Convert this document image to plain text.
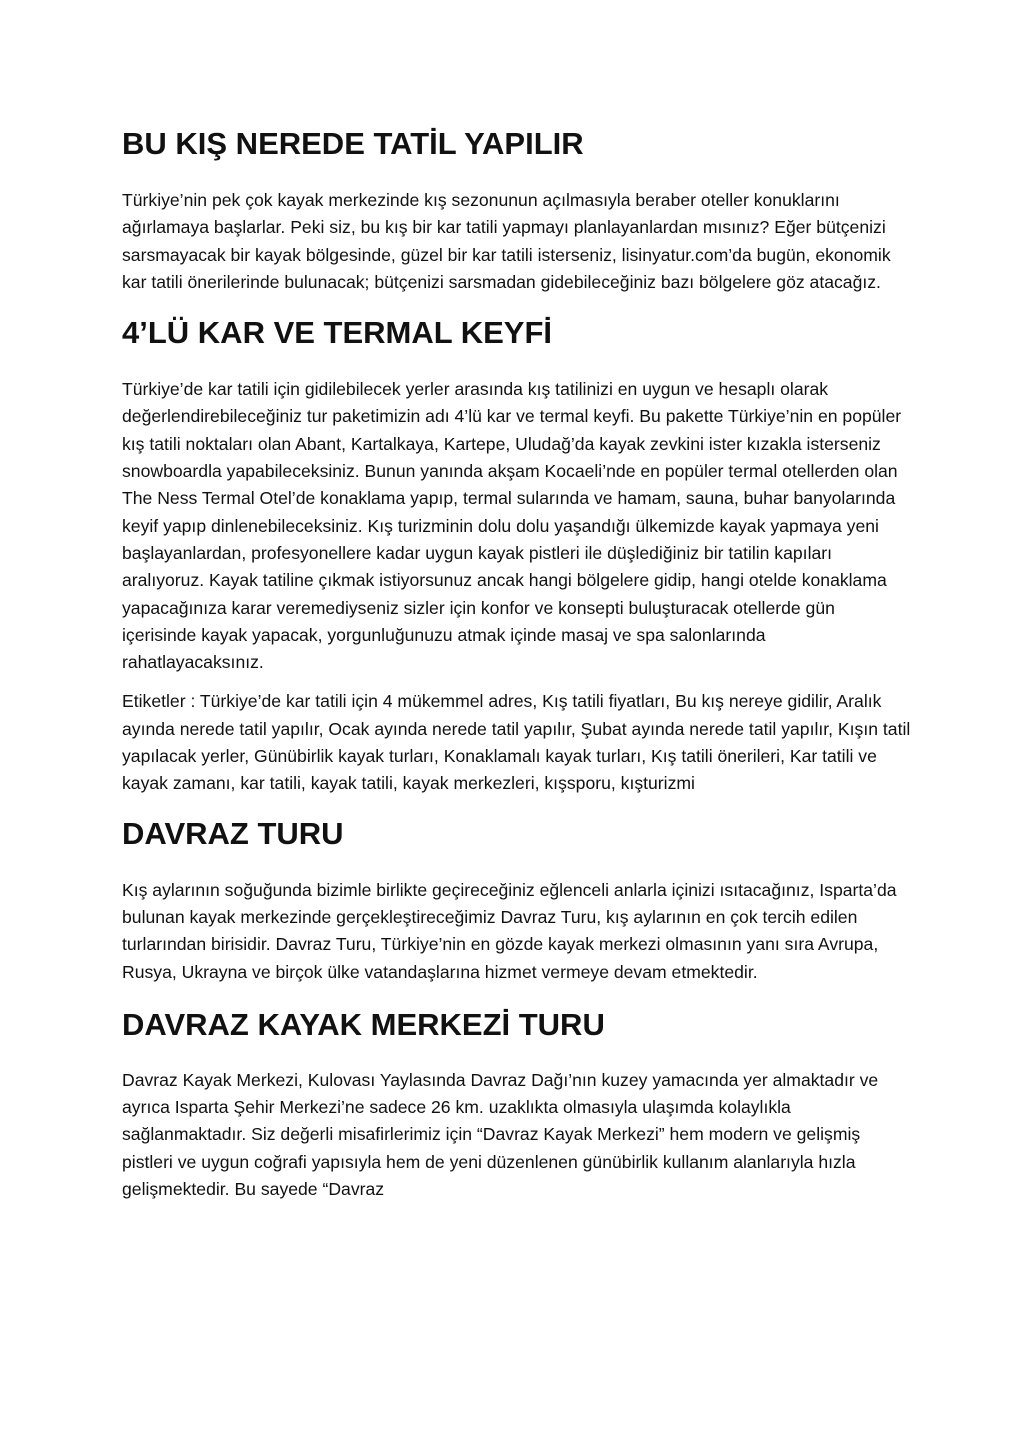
BU KIŞ NEREDE TATİL YAPILIR

Türkiye’nin pek çok kayak merkezinde kış sezonunun açılmasıyla beraber oteller konuklarını ağırlamaya başlarlar. Peki siz, bu kış bir kar tatili yapmayı planlayanlardan mısınız? Eğer bütçenizi sarsmayacak bir kayak bölgesinde, güzel bir kar tatili isterseniz, lisinyatur.com’da bugün, ekonomik kar tatili önerilerinde bulunacak; bütçenizi sarsmadan gidebileceğiniz bazı bölgelere göz atacağız.

4’LÜ KAR VE TERMAL KEYFİ

Türkiye’de kar tatili için gidilebilecek yerler arasında kış tatilinizi en uygun ve hesaplı olarak değerlendirebileceğiniz tur paketimizin adı 4’lü kar ve termal keyfi. Bu pakette Türkiye’nin en popüler kış tatili noktaları olan Abant, Kartalkaya, Kartepe, Uludağ’da kayak zevkini ister kızakla isterseniz snowboardla yapabileceksiniz. Bunun yanında akşam Kocaeli’nde en popüler termal otellerden olan The Ness Termal Otel’de konaklama yapıp, termal sularında ve hamam, sauna, buhar banyolarında keyif yapıp dinlenebileceksiniz. Kış turizminin dolu dolu yaşandığı ülkemizde kayak yapmaya yeni başlayanlardan, profesyonellere kadar uygun kayak pistleri ile düşlediğiniz bir tatilin kapıları aralıyoruz. Kayak tatiline çıkmak istiyorsunuz ancak hangi bölgelere gidip, hangi otelde konaklama yapacağınıza karar veremediyseniz sizler için konfor ve konsepti buluşturacak otellerde gün içerisinde kayak yapacak, yorgunluğunuzu atmak içinde masaj ve spa salonlarında rahatlayacaksınız.

Etiketler : Türkiye’de kar tatili için 4 mükemmel adres, Kış tatili fiyatları, Bu kış nereye gidilir, Aralık ayında nerede tatil yapılır, Ocak ayında nerede tatil yapılır, Şubat ayında nerede tatil yapılır, Kışın tatil yapılacak yerler, Günübirlik kayak turları, Konaklamalı kayak turları, Kış tatili önerileri, Kar tatili ve kayak zamanı, kar tatili, kayak tatili, kayak merkezleri, kışsporu, kışturizmi

DAVRAZ TURU

Kış aylarının soğuğunda bizimle birlikte geçireceğiniz eğlenceli anlarla içinizi ısıtacağınız, Isparta’da bulunan kayak merkezinde gerçekleştireceğimiz Davraz Turu, kış aylarının en çok tercih edilen turlarından birisidir. Davraz Turu, Türkiye’nin en gözde kayak merkezi olmasının yanı sıra Avrupa, Rusya, Ukrayna ve birçok ülke vatandaşlarına hizmet vermeye devam etmektedir.

DAVRAZ KAYAK MERKEZİ TURU

Davraz Kayak Merkezi, Kulovası Yaylasında Davraz Dağı’nın kuzey yamacında yer almaktadır ve ayrıca Isparta Şehir Merkezi’ne sadece 26 km. uzaklıkta olmasıyla ulaşımda kolaylıkla sağlanmaktadır. Siz değerli misafirlerimiz için “Davraz Kayak Merkezi” hem modern ve gelişmiş pistleri ve uygun coğrafi yapısıyla hem de yeni düzenlenen günübirlik kullanım alanlarıyla hızla gelişmektedir. Bu sayede “Davraz
